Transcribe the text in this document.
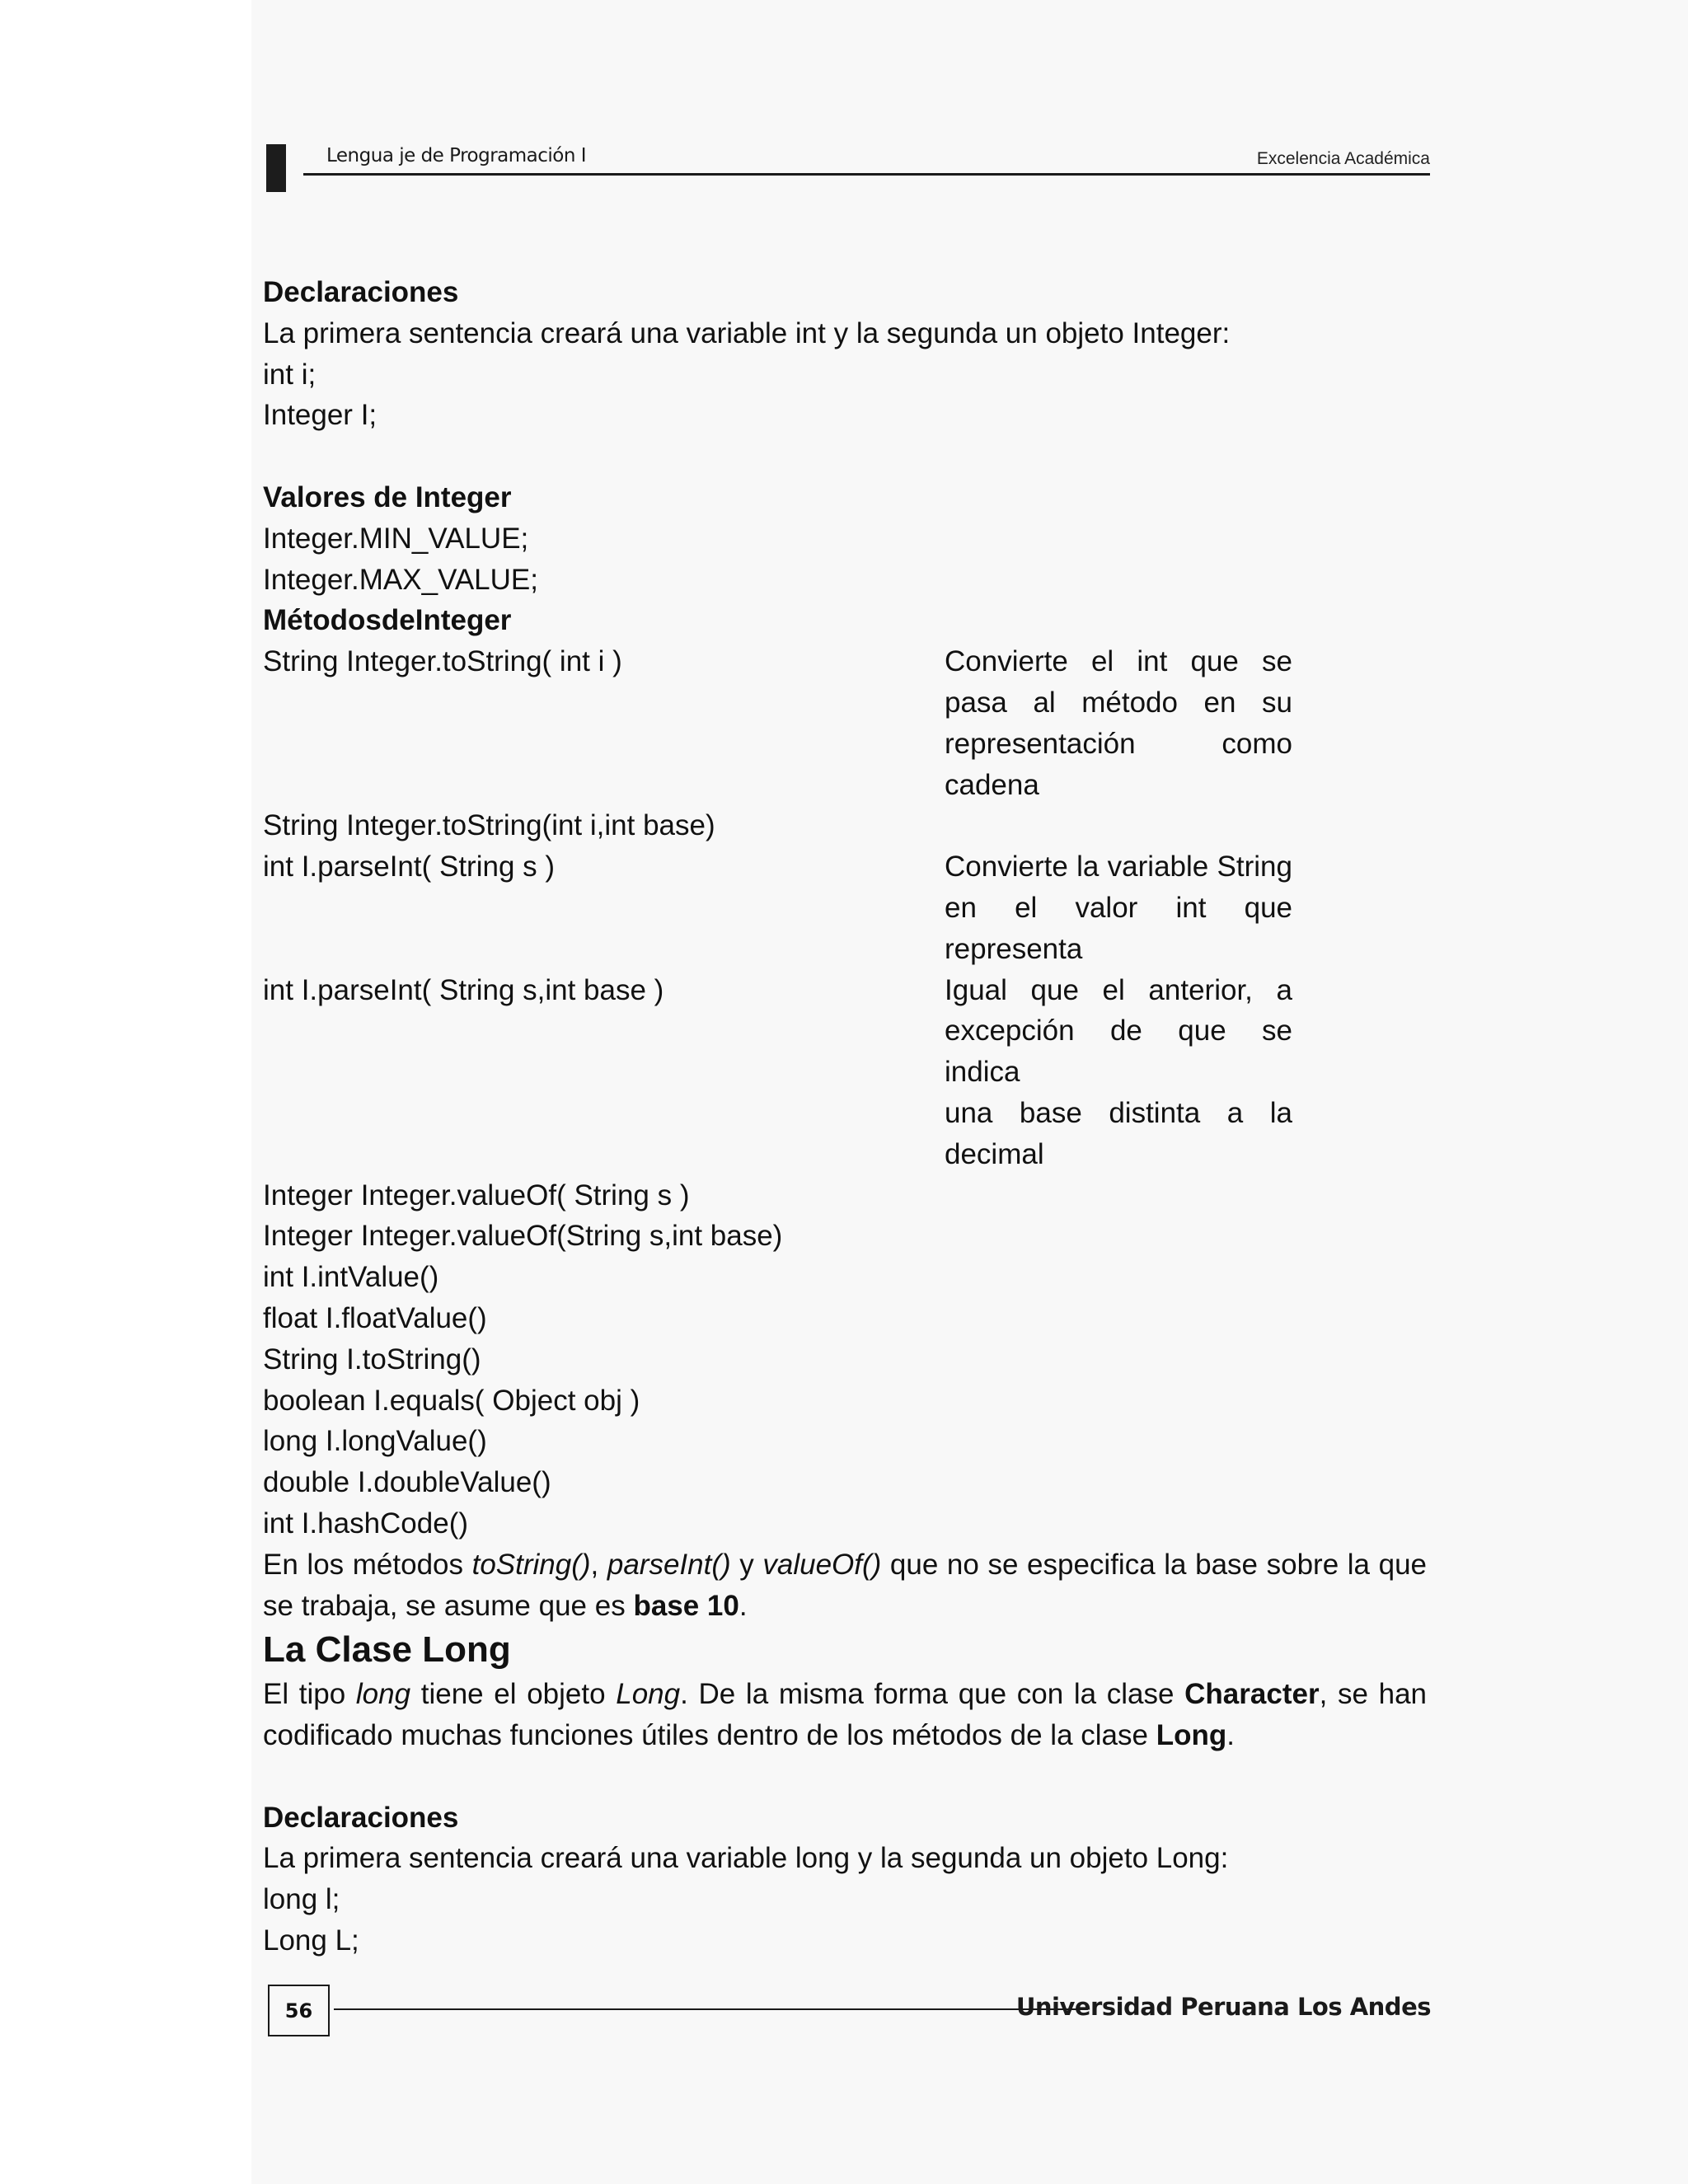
Lengua je de Programación I	Excelencia Académica

Declaraciones

La primera sentencia creará una variable int y la segunda un objeto Integer:

int i;

Integer I;

Valores de Integer

Integer.MIN_VALUE;

Integer.MAX_VALUE;

MétodosdeInteger

String Integer.toString( int i )	Convierte el int que se
pasa al método en su
representación como
cadena
String Integer.toString(int i,int base)
int I.parseInt( String s )	Convierte la variable String
en el valor int que
representa
int I.parseInt( String s,int base )	Igual que el anterior, a
excepción de que se indica
una base distinta a la
decimal
Integer Integer.valueOf( String s )
Integer Integer.valueOf(String s,int base)
int I.intValue()
float I.floatValue()
String I.toString()
boolean I.equals( Object obj )
long I.longValue()
double I.doubleValue()
int I.hashCode()

En los métodos toString(), parseInt() y valueOf() que no se especifica la base sobre la que se trabaja, se asume que es base 10.

La Clase Long

El tipo long tiene el objeto Long. De la misma forma que con la clase Character, se han codificado muchas funciones útiles dentro de los métodos de la clase Long.

Declaraciones

La primera sentencia creará una variable long y la segunda un objeto Long:

long l;

Long L;

56	Universidad Peruana Los Andes
